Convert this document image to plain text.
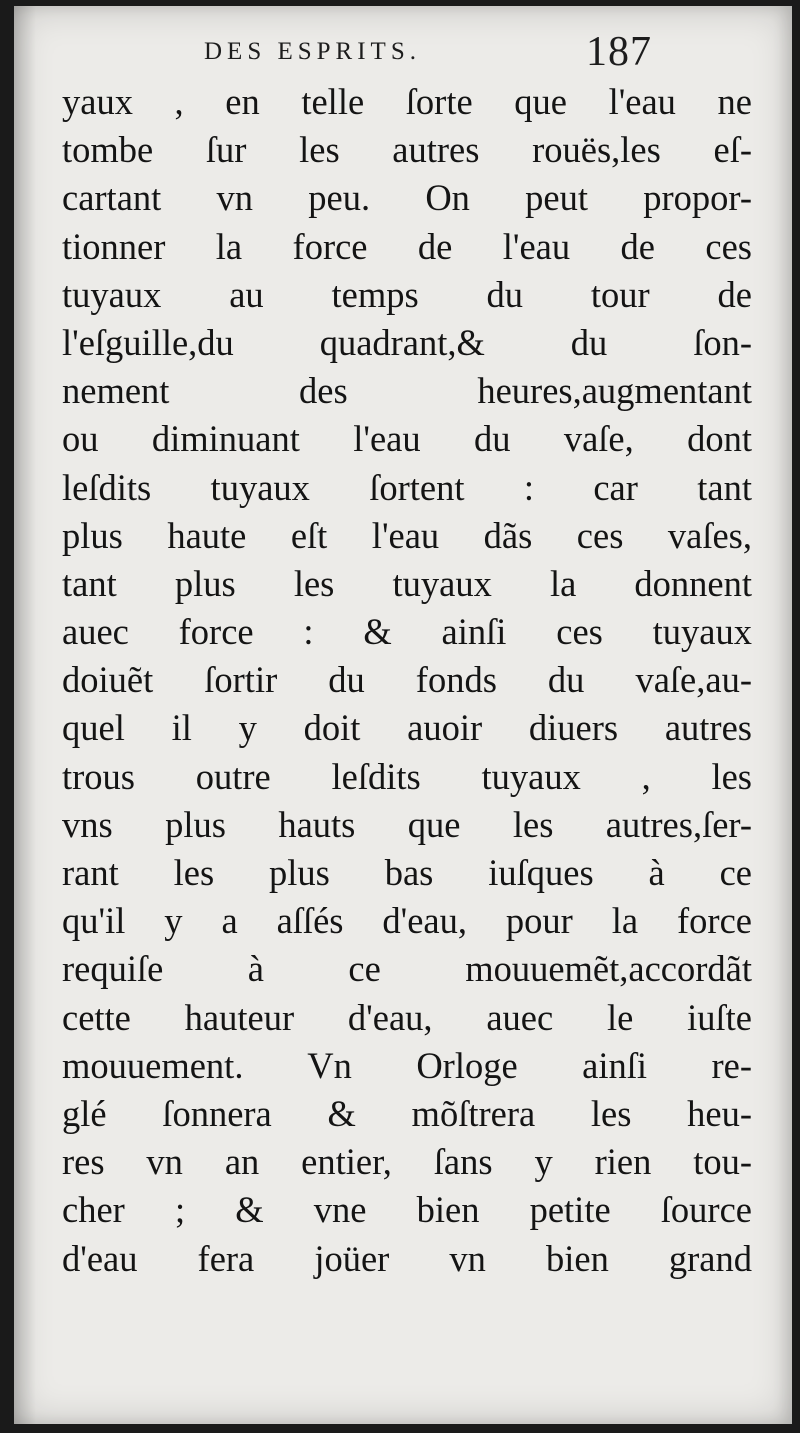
DES ESPRITS.	187
yaux , en telle ſorte que l'eau ne
tombe ſur les autres rouës,les eſ-
cartant vn peu. On peut propor-
tionner la force de l'eau de ces
tuyaux au temps du tour de
l'eſguille,du quadrant,& du ſon-
nement des heures,augmentant
ou diminuant l'eau du vaſe, dont
leſdits tuyaux ſortent : car tant
plus haute eſt l'eau dãs ces vaſes,
tant plus les tuyaux la donnent
auec force : & ainſi ces tuyaux
doiuẽt ſortir du fonds du vaſe,au-
quel il y doit auoir diuers autres
trous outre leſdits tuyaux , les
vns plus hauts que les autres,ſer-
rant les plus bas iuſques à ce
qu'il y a aſſés d'eau, pour la force
requiſe à ce mouuemẽt,accordãt
cette hauteur d'eau, auec le iuſte
mouuement. Vn Orloge ainſi re-
glé ſonnera & mõſtrera les heu-
res vn an entier, ſans y rien tou-
cher ; & vne bien petite ſource
d'eau fera joüer vn bien grand
